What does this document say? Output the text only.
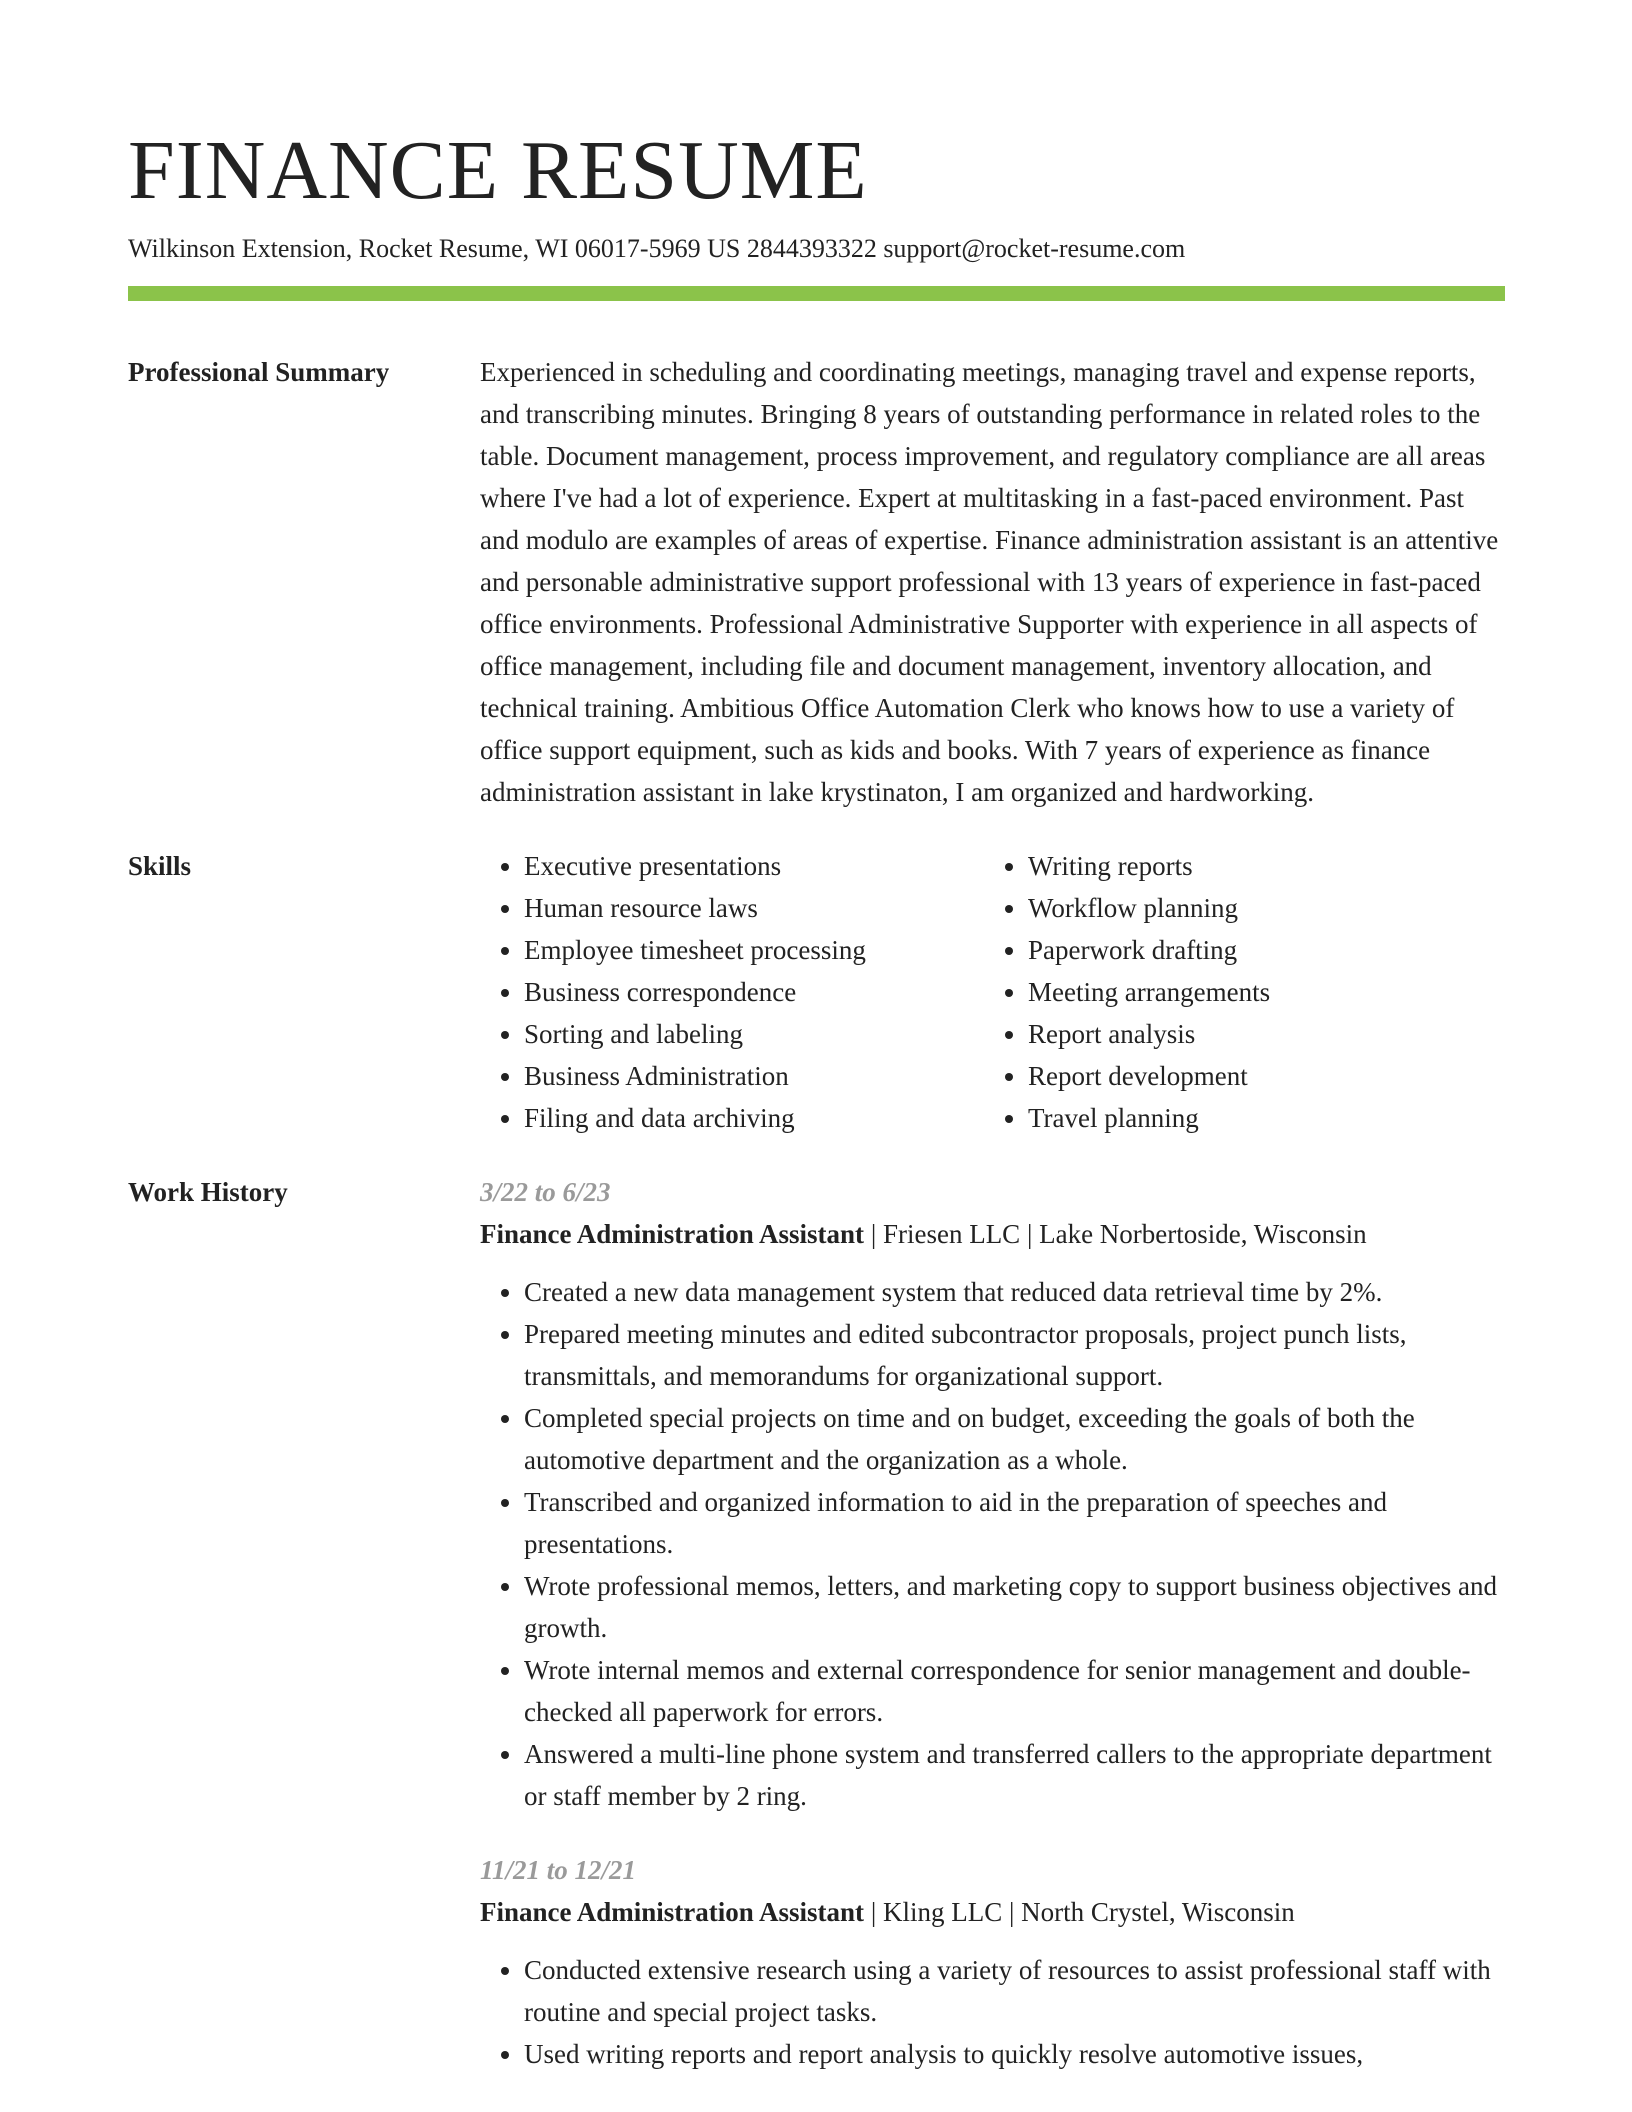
FINANCE RESUME
Wilkinson Extension, Rocket Resume, WI 06017-5969 US 2844393322 support@rocket-resume.com
Professional Summary	Experienced in scheduling and coordinating meetings, managing travel and expense reports, and transcribing minutes. Bringing 8 years of outstanding performance in related roles to the table. Document management, process improvement, and regulatory compliance are all areas where I've had a lot of experience. Expert at multitasking in a fast-paced environment. Past and modulo are examples of areas of expertise. Finance administration assistant is an attentive and personable administrative support professional with 13 years of experience in fast-paced office environments. Professional Administrative Supporter with experience in all aspects of office management, including file and document management, inventory allocation, and technical training. Ambitious Office Automation Clerk who knows how to use a variety of office support equipment, such as kids and books. With 7 years of experience as finance administration assistant in lake krystinaton, I am organized and hardworking.
Skills
•	Executive presentations
• Human resource laws
• Employee timesheet processing
• Business correspondence
• Sorting and labeling
• Business Administration
• Filing and data archiving
• Writing reports
• Workflow planning
• Paperwork drafting
• Meeting arrangements
• Report analysis
• Report development
• Travel planning
Work History	3/22 to 6/23
Finance Administration Assistant | Friesen LLC | Lake Norbertoside, Wisconsin
• Created a new data management system that reduced data retrieval time by 2%.
• Prepared meeting minutes and edited subcontractor proposals, project punch lists, transmittals, and memorandums for organizational support.
• Completed special projects on time and on budget, exceeding the goals of both the automotive department and the organization as a whole.
• Transcribed and organized information to aid in the preparation of speeches and presentations.
• Wrote professional memos, letters, and marketing copy to support business objectives and growth.
• Wrote internal memos and external correspondence for senior management and double-checked all paperwork for errors.
• Answered a multi-line phone system and transferred callers to the appropriate department or staff member by 2 ring.
11/21 to 12/21
Finance Administration Assistant | Kling LLC | North Crystel, Wisconsin
• Conducted extensive research using a variety of resources to assist professional staff with routine and special project tasks.
• Used writing reports and report analysis to quickly resolve automotive issues,
